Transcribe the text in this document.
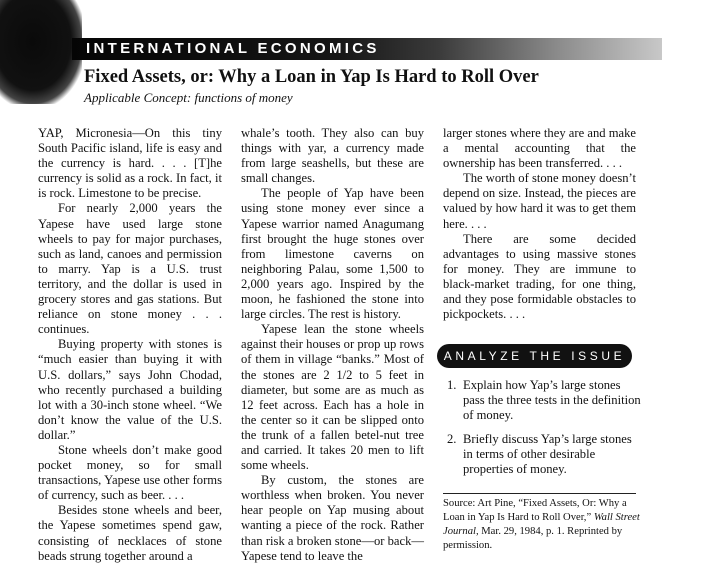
INTERNATIONAL ECONOMICS
Fixed Assets, or: Why a Loan in Yap Is Hard to Roll Over
Applicable Concept: functions of money

YAP, Micronesia—On this tiny South Pacific island, life is easy and the currency is hard. . . . [T]he currency is solid as a rock. In fact, it is rock. Limestone to be precise.

For nearly 2,000 years the Yapese have used large stone wheels to pay for major purchases, such as land, canoes and permission to marry. Yap is a U.S. trust territory, and the dollar is used in grocery stores and gas stations. But reliance on stone money . . . continues.

Buying property with stones is “much easier than buying it with U.S. dollars,” says John Chodad, who recently purchased a building lot with a 30-inch stone wheel. “We don’t know the value of the U.S. dollar.”

Stone wheels don’t make good pocket money, so for small transactions, Yapese use other forms of currency, such as beer. . . .

Besides stone wheels and beer, the Yapese sometimes spend gaw, consisting of necklaces of stone beads strung together around a

whale’s tooth. They also can buy things with yar, a currency made from large seashells, but these are small changes.

The people of Yap have been using stone money ever since a Yapese warrior named Anagumang first brought the huge stones over from limestone caverns on neighboring Palau, some 1,500 to 2,000 years ago. Inspired by the moon, he fashioned the stone into large circles. The rest is history.

Yapese lean the stone wheels against their houses or prop up rows of them in village “banks.” Most of the stones are 2 1/2 to 5 feet in diameter, but some are as much as 12 feet across. Each has a hole in the center so it can be slipped onto the trunk of a fallen betel-nut tree and carried. It takes 20 men to lift some wheels.

By custom, the stones are worthless when broken. You never hear people on Yap musing about wanting a piece of the rock. Rather than risk a broken stone—or back—Yapese tend to leave the

larger stones where they are and make a mental accounting that the ownership has been transferred. . . .

The worth of stone money doesn’t depend on size. Instead, the pieces are valued by how hard it was to get them here. . . .

There are some decided advantages to using massive stones for money. They are immune to black-market trading, for one thing, and they pose formidable obstacles to pickpockets. . . .

ANALYZE THE ISSUE
1. Explain how Yap’s large stones pass the three tests in the definition of money.
2. Briefly discuss Yap’s large stones in terms of other desirable properties of money.

Source: Art Pine, “Fixed Assets, Or: Why a Loan in Yap Is Hard to Roll Over,” Wall Street Journal, Mar. 29, 1984, p. 1. Reprinted by permission.
